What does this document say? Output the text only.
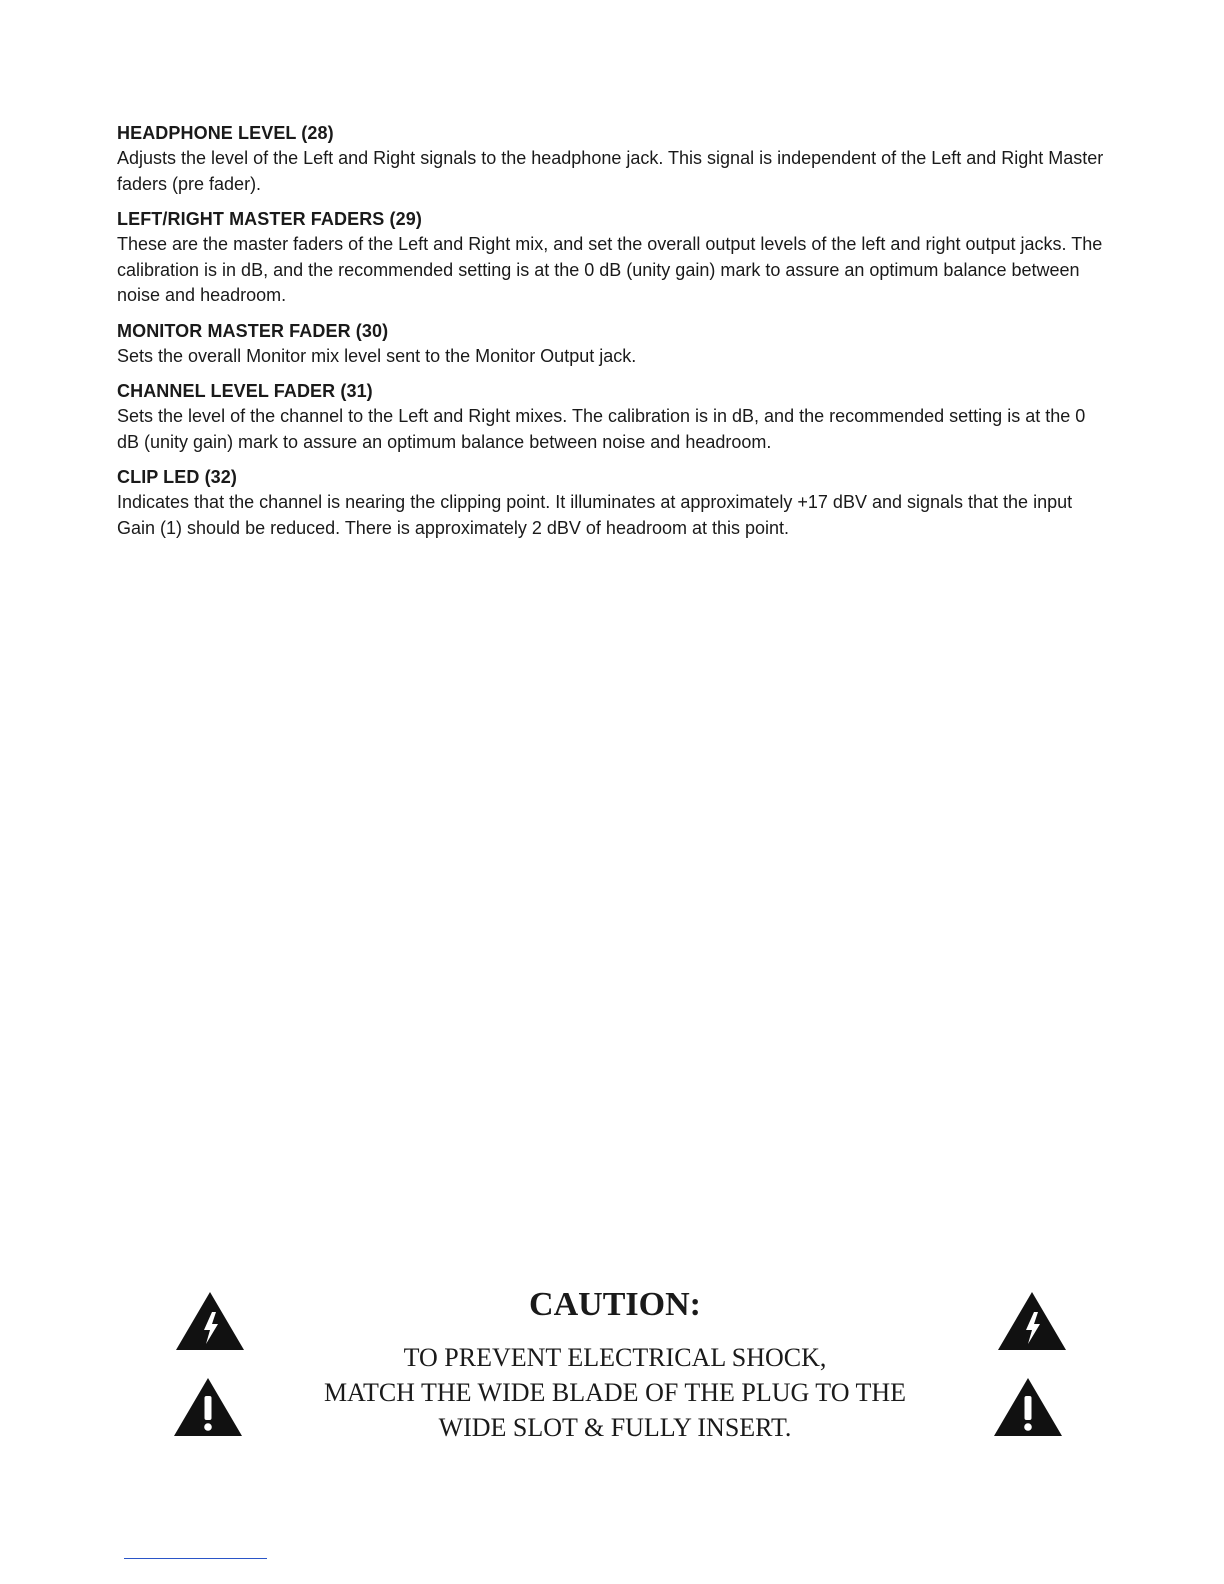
HEADPHONE LEVEL (28)

Adjusts the level of the Left and Right signals to the headphone jack. This signal is independent of the Left and Right Master faders (pre fader).

LEFT/RIGHT MASTER FADERS (29)

These are the master faders of the Left and Right mix, and set the overall output levels of the left and right output jacks. The calibration is in dB, and the recommended setting is at the 0 dB (unity gain) mark to assure an optimum balance between noise and headroom.

MONITOR MASTER FADER (30)

Sets the overall Monitor mix level sent to the Monitor Output jack.

CHANNEL LEVEL FADER (31)

Sets the level of the channel to the Left and Right mixes. The calibration is in dB, and the recommended setting is at the 0 dB (unity gain) mark to assure an optimum balance between noise and headroom.

CLIP LED (32)

Indicates that the channel is nearing the clipping point. It illuminates at approximately +17 dBV and signals that the input Gain (1) should be reduced. There is approximately 2 dBV of headroom at this point.

CAUTION:
TO PREVENT ELECTRICAL SHOCK,
MATCH THE WIDE BLADE OF THE PLUG TO THE
WIDE SLOT & FULLY INSERT.
